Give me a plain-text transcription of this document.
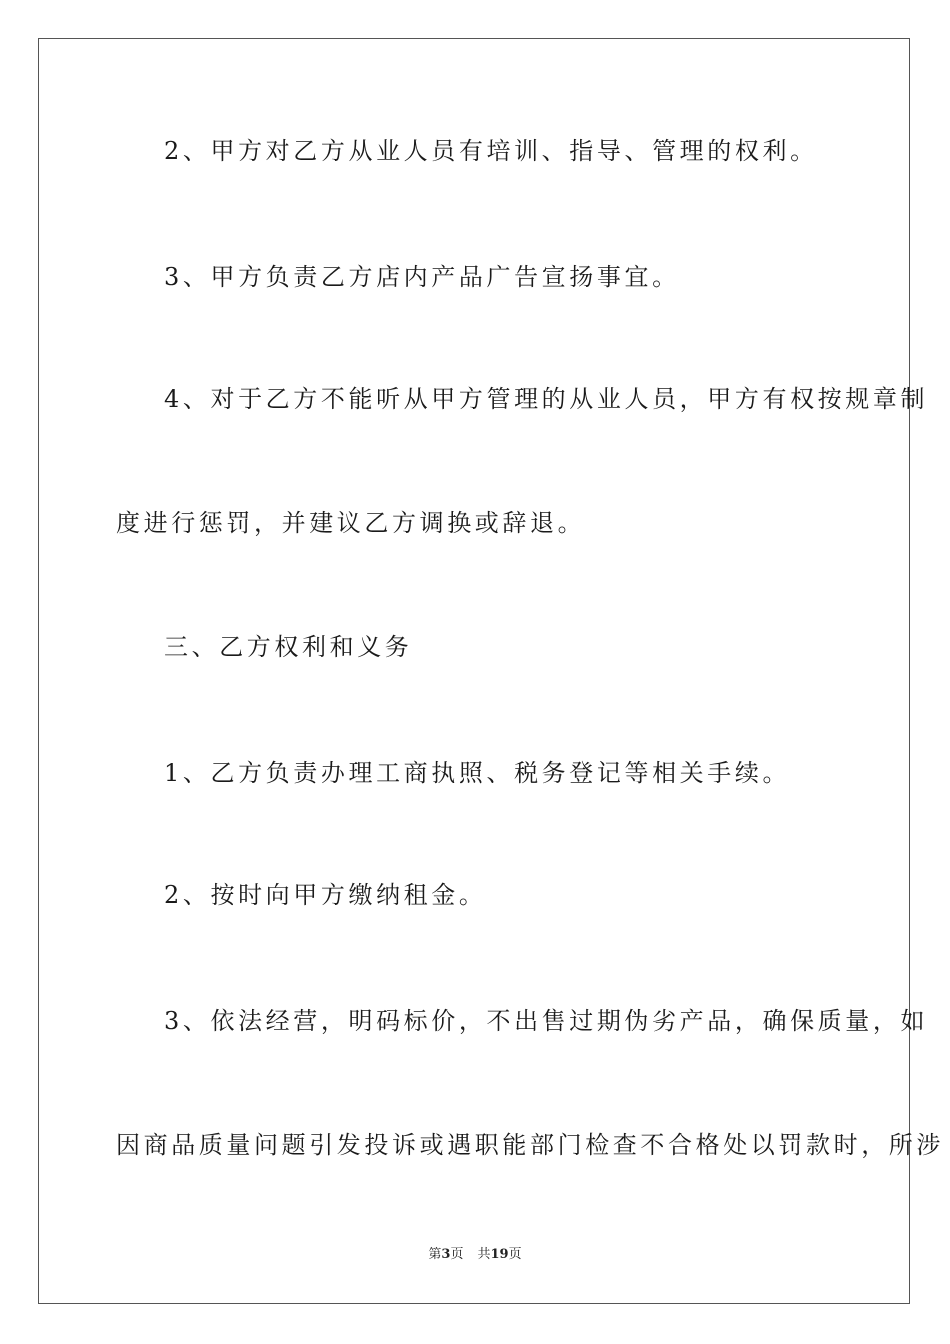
2、甲方对乙方从业人员有培训、指导、管理的权利。

3、甲方负责乙方店内产品广告宣扬事宜。

4、对于乙方不能听从甲方管理的从业人员，甲方有权按规章制

度进行惩罚，并建议乙方调换或辞退。

三、乙方权利和义务

1、乙方负责办理工商执照、税务登记等相关手续。

2、按时向甲方缴纳租金。

3、依法经营，明码标价，不出售过期伪劣产品，确保质量，如

因商品质量问题引发投诉或遇职能部门检查不合格处以罚款时，所涉

第3页 共19页
